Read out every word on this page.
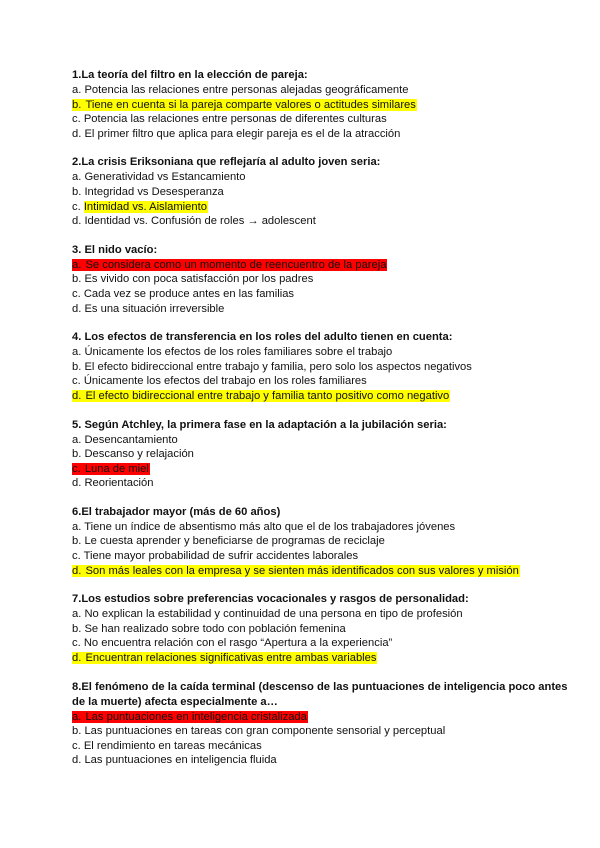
1.La teoría del filtro en la elección de pareja:

a. Potencia las relaciones entre personas alejadas geográficamente

b. Tiene en cuenta si la pareja comparte valores o actitudes similares

c. Potencia las relaciones entre personas de diferentes culturas

d. El primer filtro que aplica para elegir pareja es el de la atracción

2.La crisis Eriksoniana que reflejaría al adulto joven seria:

a. Generatividad vs Estancamiento

b. Integridad vs Desesperanza

c. Intimidad vs. Aislamiento

d. Identidad vs. Confusión de roles → adolescent

3. El nido vacío:

a. Se considera como un momento de reencuentro de la pareja

b. Es vivido con poca satisfacción por los padres

c. Cada vez se produce antes en las familias

d. Es una situación irreversible

4. Los efectos de transferencia en los roles del adulto tienen en cuenta:

a. Únicamente los efectos de los roles familiares sobre el trabajo

b. El efecto bidireccional entre trabajo y familia, pero solo los aspectos negativos

c. Únicamente los efectos del trabajo en los roles familiares

d. El efecto bidireccional entre trabajo y familia tanto positivo como negativo

5. Según Atchley, la primera fase en la adaptación a la jubilación seria:

a. Desencantamiento

b. Descanso y relajación

c. Luna de miel

d. Reorientación

6.El trabajador mayor (más de 60 años)

a. Tiene un índice de absentismo más alto que el de los trabajadores jóvenes

b. Le cuesta aprender y beneficiarse de programas de reciclaje

c. Tiene mayor probabilidad de sufrir accidentes laborales

d. Son más leales con la empresa y se sienten más identificados con sus valores y misión

7.Los estudios sobre preferencias vocacionales y rasgos de personalidad:

a. No explican la estabilidad y continuidad de una persona en tipo de profesión

b. Se han realizado sobre todo con población femenina

c. No encuentra relación con el rasgo “Apertura a la experiencia”

d. Encuentran relaciones significativas entre ambas variables

8.El fenómeno de la caída terminal (descenso de las puntuaciones de inteligencia poco antes de la muerte) afecta especialmente a…

a. Las puntuaciones en inteligencia cristalizada

b. Las puntuaciones en tareas con gran componente sensorial y perceptual

c. El rendimiento en tareas mecánicas

d. Las puntuaciones en inteligencia fluida
